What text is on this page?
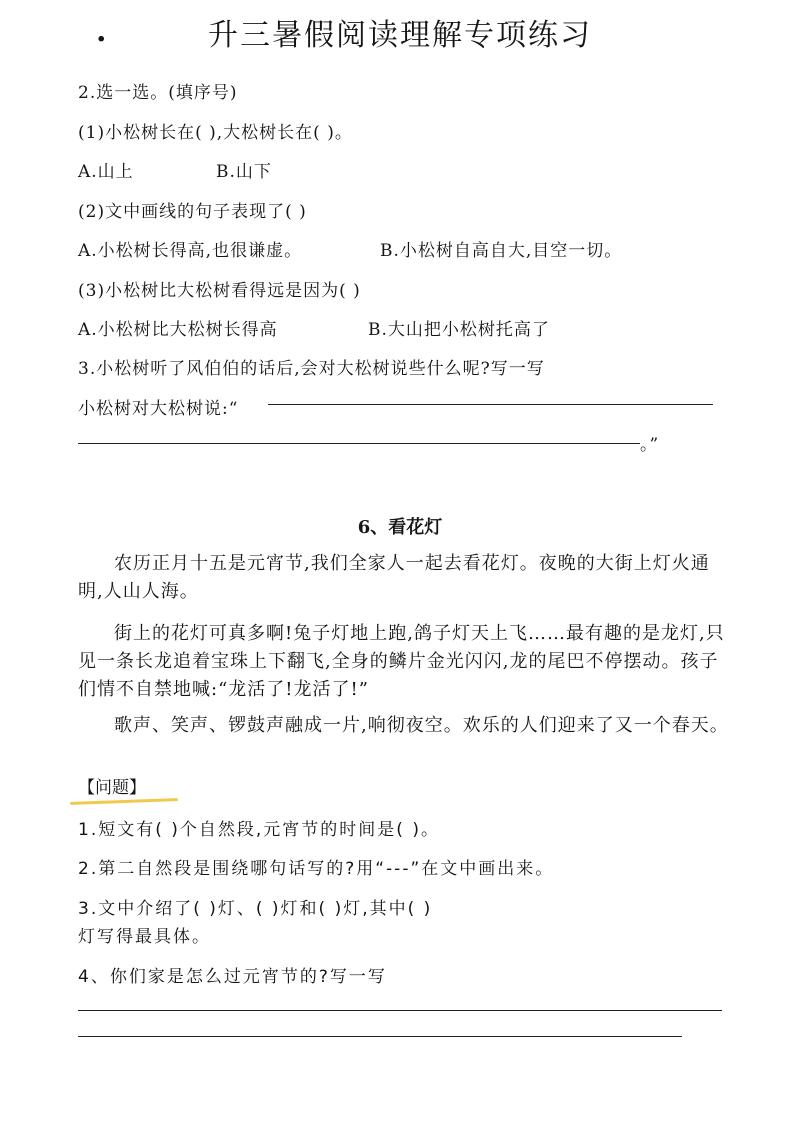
.	升三暑假阅读理解专项练习
2.选一选。(填序号)
(1)小松树长在( ),大松树长在( )。
A.山上	B.山下
(2)文中画线的句子表现了( )
A.小松树长得高,也很谦虚。	B.小松树自高自大,目空一切。
(3)小松树比大松树看得远是因为( )
A.小松树比大松树长得高	B.大山把小松树托高了
3.小松树听了风伯伯的话后,会对大松树说些什么呢?写一写
小松树对大松树说:“
。”
6、看花灯
农历正月十五是元宵节,我们全家人一起去看花灯。夜晚的大街上灯火通明,人山人海。
街上的花灯可真多啊!兔子灯地上跑,鸽子灯天上飞……最有趣的是龙灯,只见一条长龙追着宝珠上下翻飞,全身的鳞片金光闪闪,龙的尾巴不停摆动。孩子们情不自禁地喊:“龙活了!龙活了!”
歌声、笑声、锣鼓声融成一片,响彻夜空。欢乐的人们迎来了又一个春天。
【问题】
1.短文有( )个自然段,元宵节的时间是( )。
2.第二自然段是围绕哪句话写的?用“---”在文中画出来。
3.文中介绍了( )灯、( )灯和( )灯,其中( )
灯写得最具体。
4、你们家是怎么过元宵节的?写一写
